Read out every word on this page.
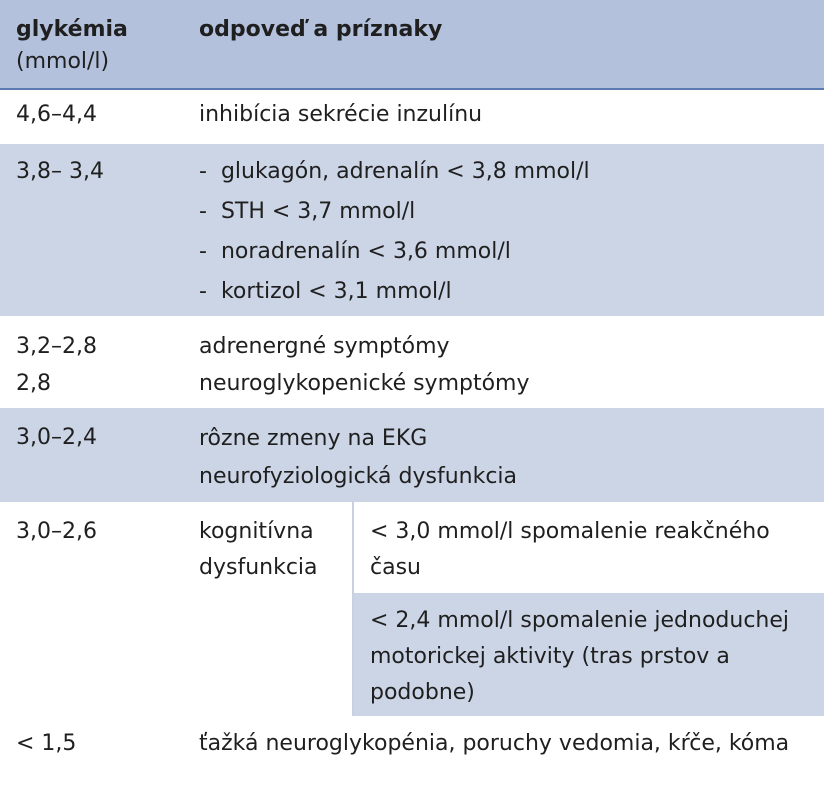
glykémia
(mmol/l)
odpoveď a príznaky
4,6–4,4	inhibícia sekrécie inzulínu
3,8– 3,4
-	glukagón, adrenalín < 3,8 mmol/l
- STH < 3,7 mmol/l
- noradrenalín < 3,6 mmol/l
- kortizol < 3,1 mmol/l
3,2–2,8
2,8
adrenergné symptómy
neuroglykopenické symptómy
3,0–2,4	rôzne zmeny na EKG
neurofyziologická dysfunkcia
3,0–2,6	kognitívna dysfunkcia
< 3,0 mmol/l spomalenie reakčného času
< 2,4 mmol/l spomalenie jednoduchej motorickej aktivity (tras prstov a podobne)
< 1,5	ťažká neuroglykopénia, poruchy vedomia, kŕče, kóma
